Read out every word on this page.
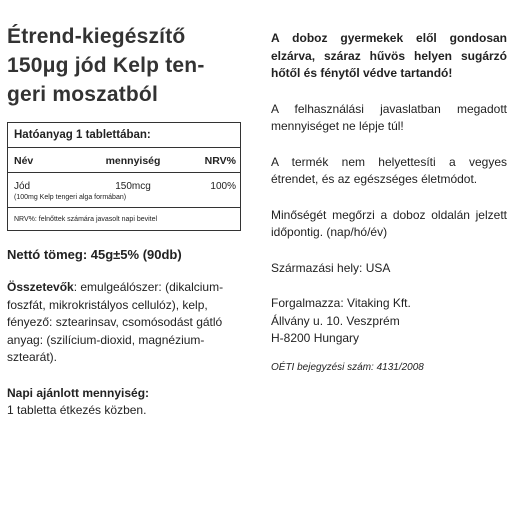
Étrend-kiegészítő
150μg jód Kelp ten-
geri moszatból
Hatóanyag 1 tablettában:
Név	mennyiség	NRV%
Jód	150mcg	100%
(100mg Kelp tengeri alga formában)
NRV%: felnőttek számára javasolt napi bevitel
Nettó tömeg: 45g±5% (90db)
Összetevők: emulgeálószer: (dikalcium-foszfát, mikrokristályos cellulóz), kelp, fényező: sztearinsav, csomósodást gátló anyag: (szilícium-dioxid, magnézium-sztearát).
Napi ajánlott mennyiség:
1 tabletta étkezés közben.

A doboz gyermekek elől gondosan elzárva, száraz hűvös helyen sugárzó hőtől és fénytől védve tartandó!

A felhasználási javaslatban megadott mennyiséget ne lépje túl!

A termék nem helyettesíti a vegyes étrendet, és az egészséges életmódot.

Minőségét megőrzi a doboz oldalán jelzett időpontig. (nap/hó/év)

Származási hely: USA

Forgalmazza: Vitaking Kft.
Állvány u. 10. Veszprém
H-8200 Hungary

OÉTI bejegyzési szám: 4131/2008
